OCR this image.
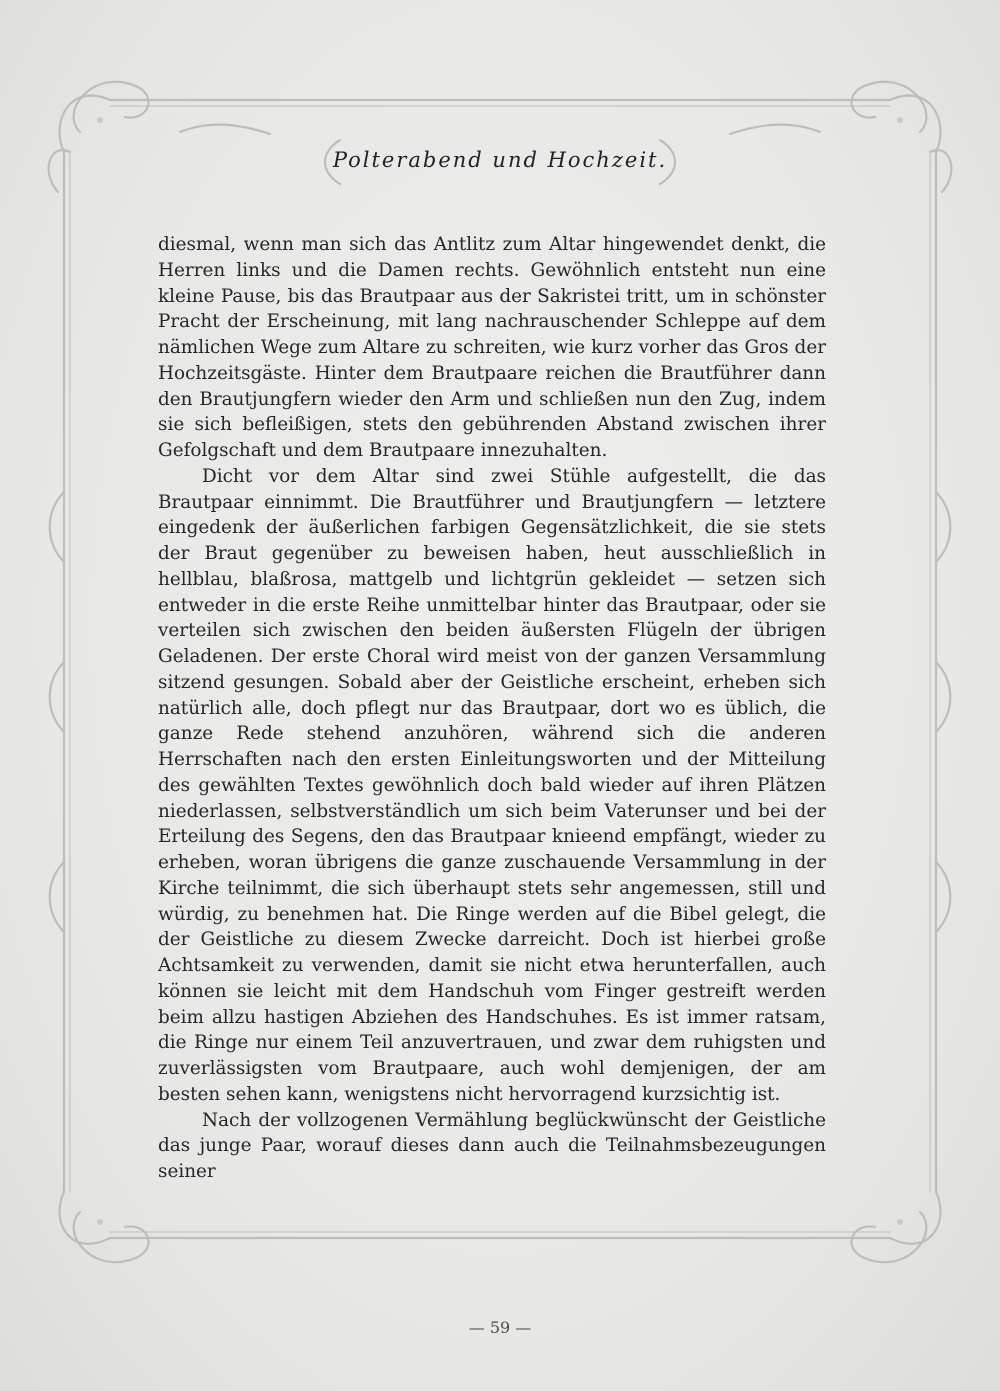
Polterabend und Hochzeit.

diesmal, wenn man sich das Antlitz zum Altar hingewendet denkt, die Herren links und die Damen rechts. Gewöhnlich entsteht nun eine kleine Pause, bis das Brautpaar aus der Sakristei tritt, um in schönster Pracht der Erscheinung, mit lang nachrauschender Schleppe auf dem nämlichen Wege zum Altare zu schreiten, wie kurz vorher das Gros der Hochzeitsgäste. Hinter dem Brautpaare reichen die Brautführer dann den Brautjungfern wieder den Arm und schließen nun den Zug, indem sie sich befleißigen, stets den gebührenden Abstand zwischen ihrer Gefolgschaft und dem Brautpaare innezuhalten.

Dicht vor dem Altar sind zwei Stühle aufgestellt, die das Brautpaar einnimmt. Die Brautführer und Brautjungfern — letztere eingedenk der äußerlichen farbigen Gegensätzlichkeit, die sie stets der Braut gegenüber zu beweisen haben, heut ausschließlich in hellblau, blaßrosa, mattgelb und lichtgrün gekleidet — setzen sich entweder in die erste Reihe unmittelbar hinter das Brautpaar, oder sie verteilen sich zwischen den beiden äußersten Flügeln der übrigen Geladenen. Der erste Choral wird meist von der ganzen Versammlung sitzend gesungen. Sobald aber der Geistliche erscheint, erheben sich natürlich alle, doch pflegt nur das Brautpaar, dort wo es üblich, die ganze Rede stehend anzuhören, während sich die anderen Herrschaften nach den ersten Einleitungsworten und der Mitteilung des gewählten Textes gewöhnlich doch bald wieder auf ihren Plätzen niederlassen, selbstverständlich um sich beim Vaterunser und bei der Erteilung des Segens, den das Brautpaar knieend empfängt, wieder zu erheben, woran übrigens die ganze zuschauende Versammlung in der Kirche teilnimmt, die sich überhaupt stets sehr angemessen, still und würdig, zu benehmen hat. Die Ringe werden auf die Bibel gelegt, die der Geistliche zu diesem Zwecke darreicht. Doch ist hierbei große Achtsamkeit zu verwenden, damit sie nicht etwa herunterfallen, auch können sie leicht mit dem Handschuh vom Finger gestreift werden beim allzu hastigen Abziehen des Handschuhes. Es ist immer ratsam, die Ringe nur einem Teil anzuvertrauen, und zwar dem ruhigsten und zuverlässigsten vom Brautpaare, auch wohl demjenigen, der am besten sehen kann, wenigstens nicht hervorragend kurzsichtig ist.

Nach der vollzogenen Vermählung beglückwünscht der Geistliche das junge Paar, worauf dieses dann auch die Teilnahmsbezeugungen seiner

— 59 —
